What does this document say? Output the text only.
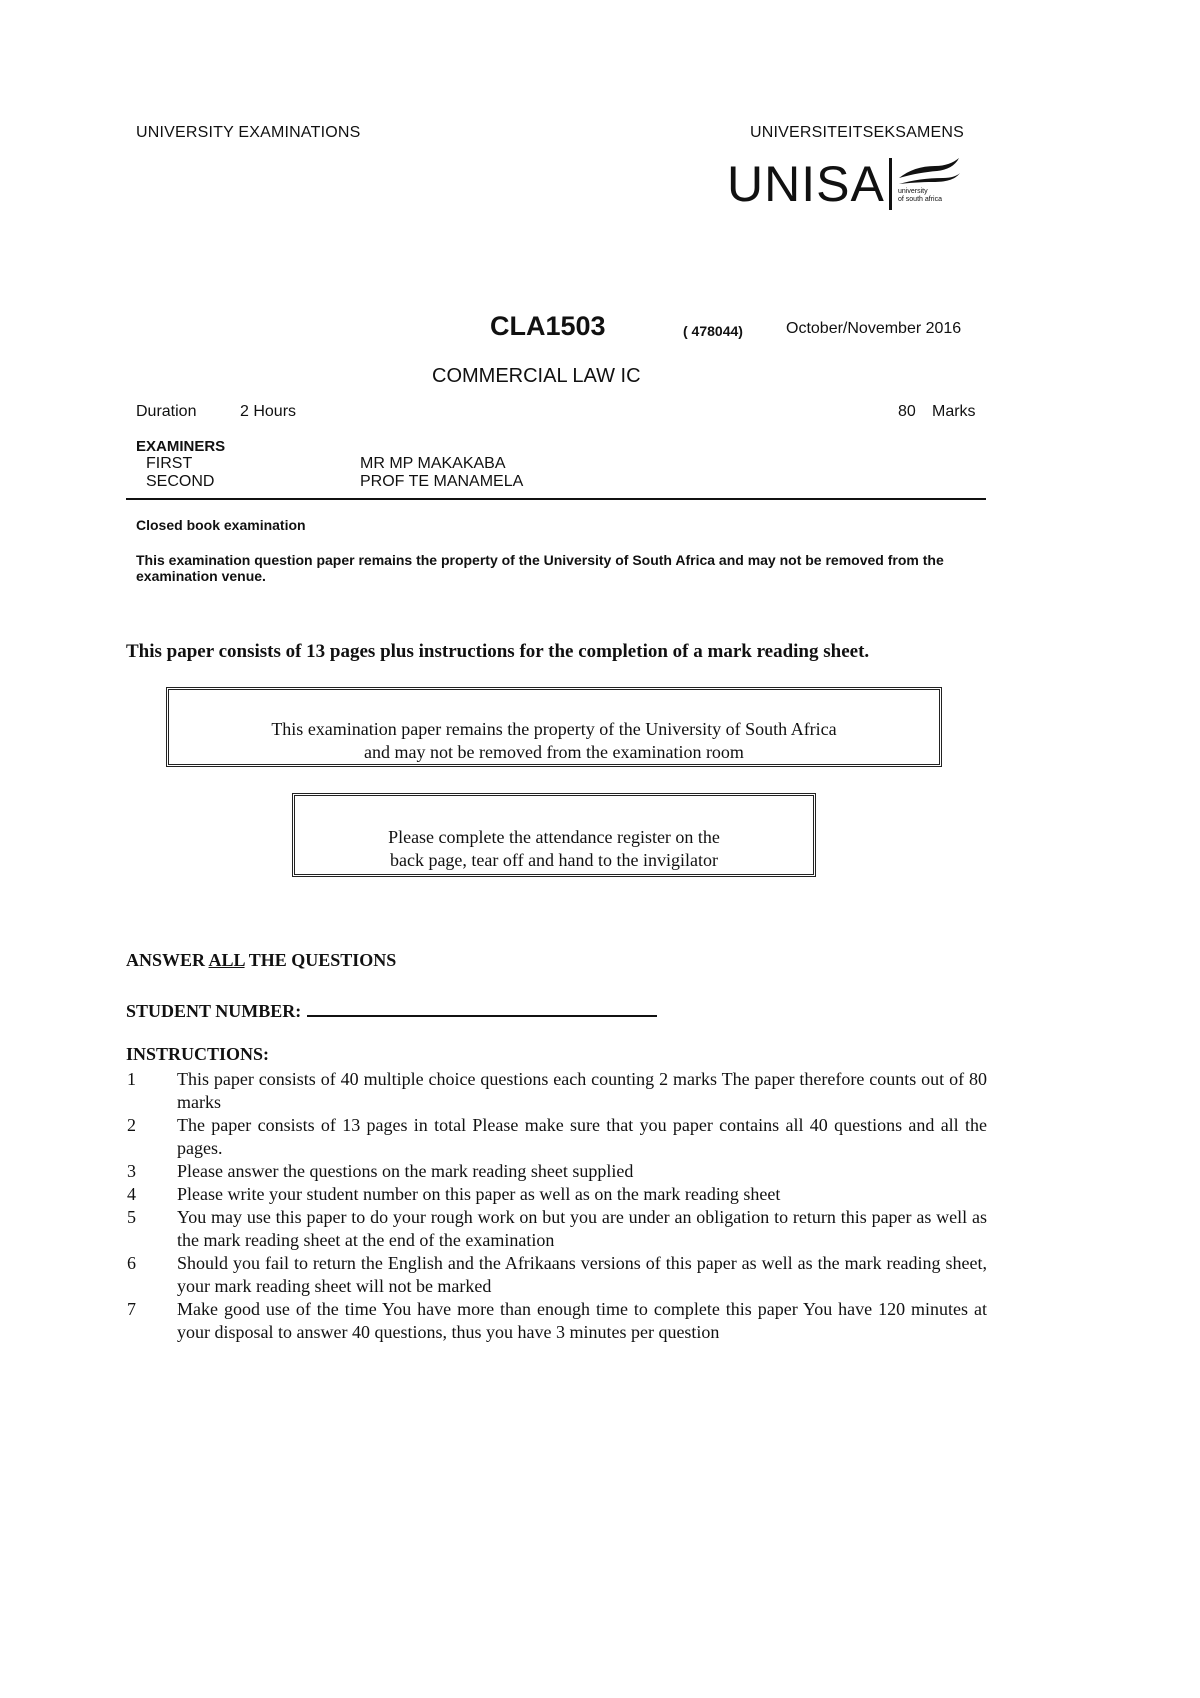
UNIVERSITY EXAMINATIONS	UNIVERSITEITSEKSAMENS
UNISA university
of south africa
CLA1503	( 478044)	October/November 2016
COMMERCIAL LAW IC
Duration	2 Hours	80 Marks
EXAMINERS
FIRST	MR MP MAKAKABA
SECOND	PROF TE MANAMELA
Closed book examination
This examination question paper remains the property of the University of South Africa and may not be removed from the examination venue.
This paper consists of 13 pages plus instructions for the completion of a mark reading sheet.
This examination paper remains the property of the University of South Africa
and may not be removed from the examination room
Please complete the attendance register on the
back page, tear off and hand to the invigilator
ANSWER ALL THE QUESTIONS
STUDENT NUMBER:
INSTRUCTIONS:
1	This paper consists of 40 multiple choice questions each counting 2 marks The paper therefore counts out of 80 marks
2	The paper consists of 13 pages in total Please make sure that you paper contains all 40 questions and all the pages.
3	Please answer the questions on the mark reading sheet supplied
4	Please write your student number on this paper as well as on the mark reading sheet
5	You may use this paper to do your rough work on but you are under an obligation to return this paper as well as the mark reading sheet at the end of the examination
6	Should you fail to return the English and the Afrikaans versions of this paper as well as the mark reading sheet, your mark reading sheet will not be marked
7	Make good use of the time You have more than enough time to complete this paper You have 120 minutes at your disposal to answer 40 questions, thus you have 3 minutes per question
